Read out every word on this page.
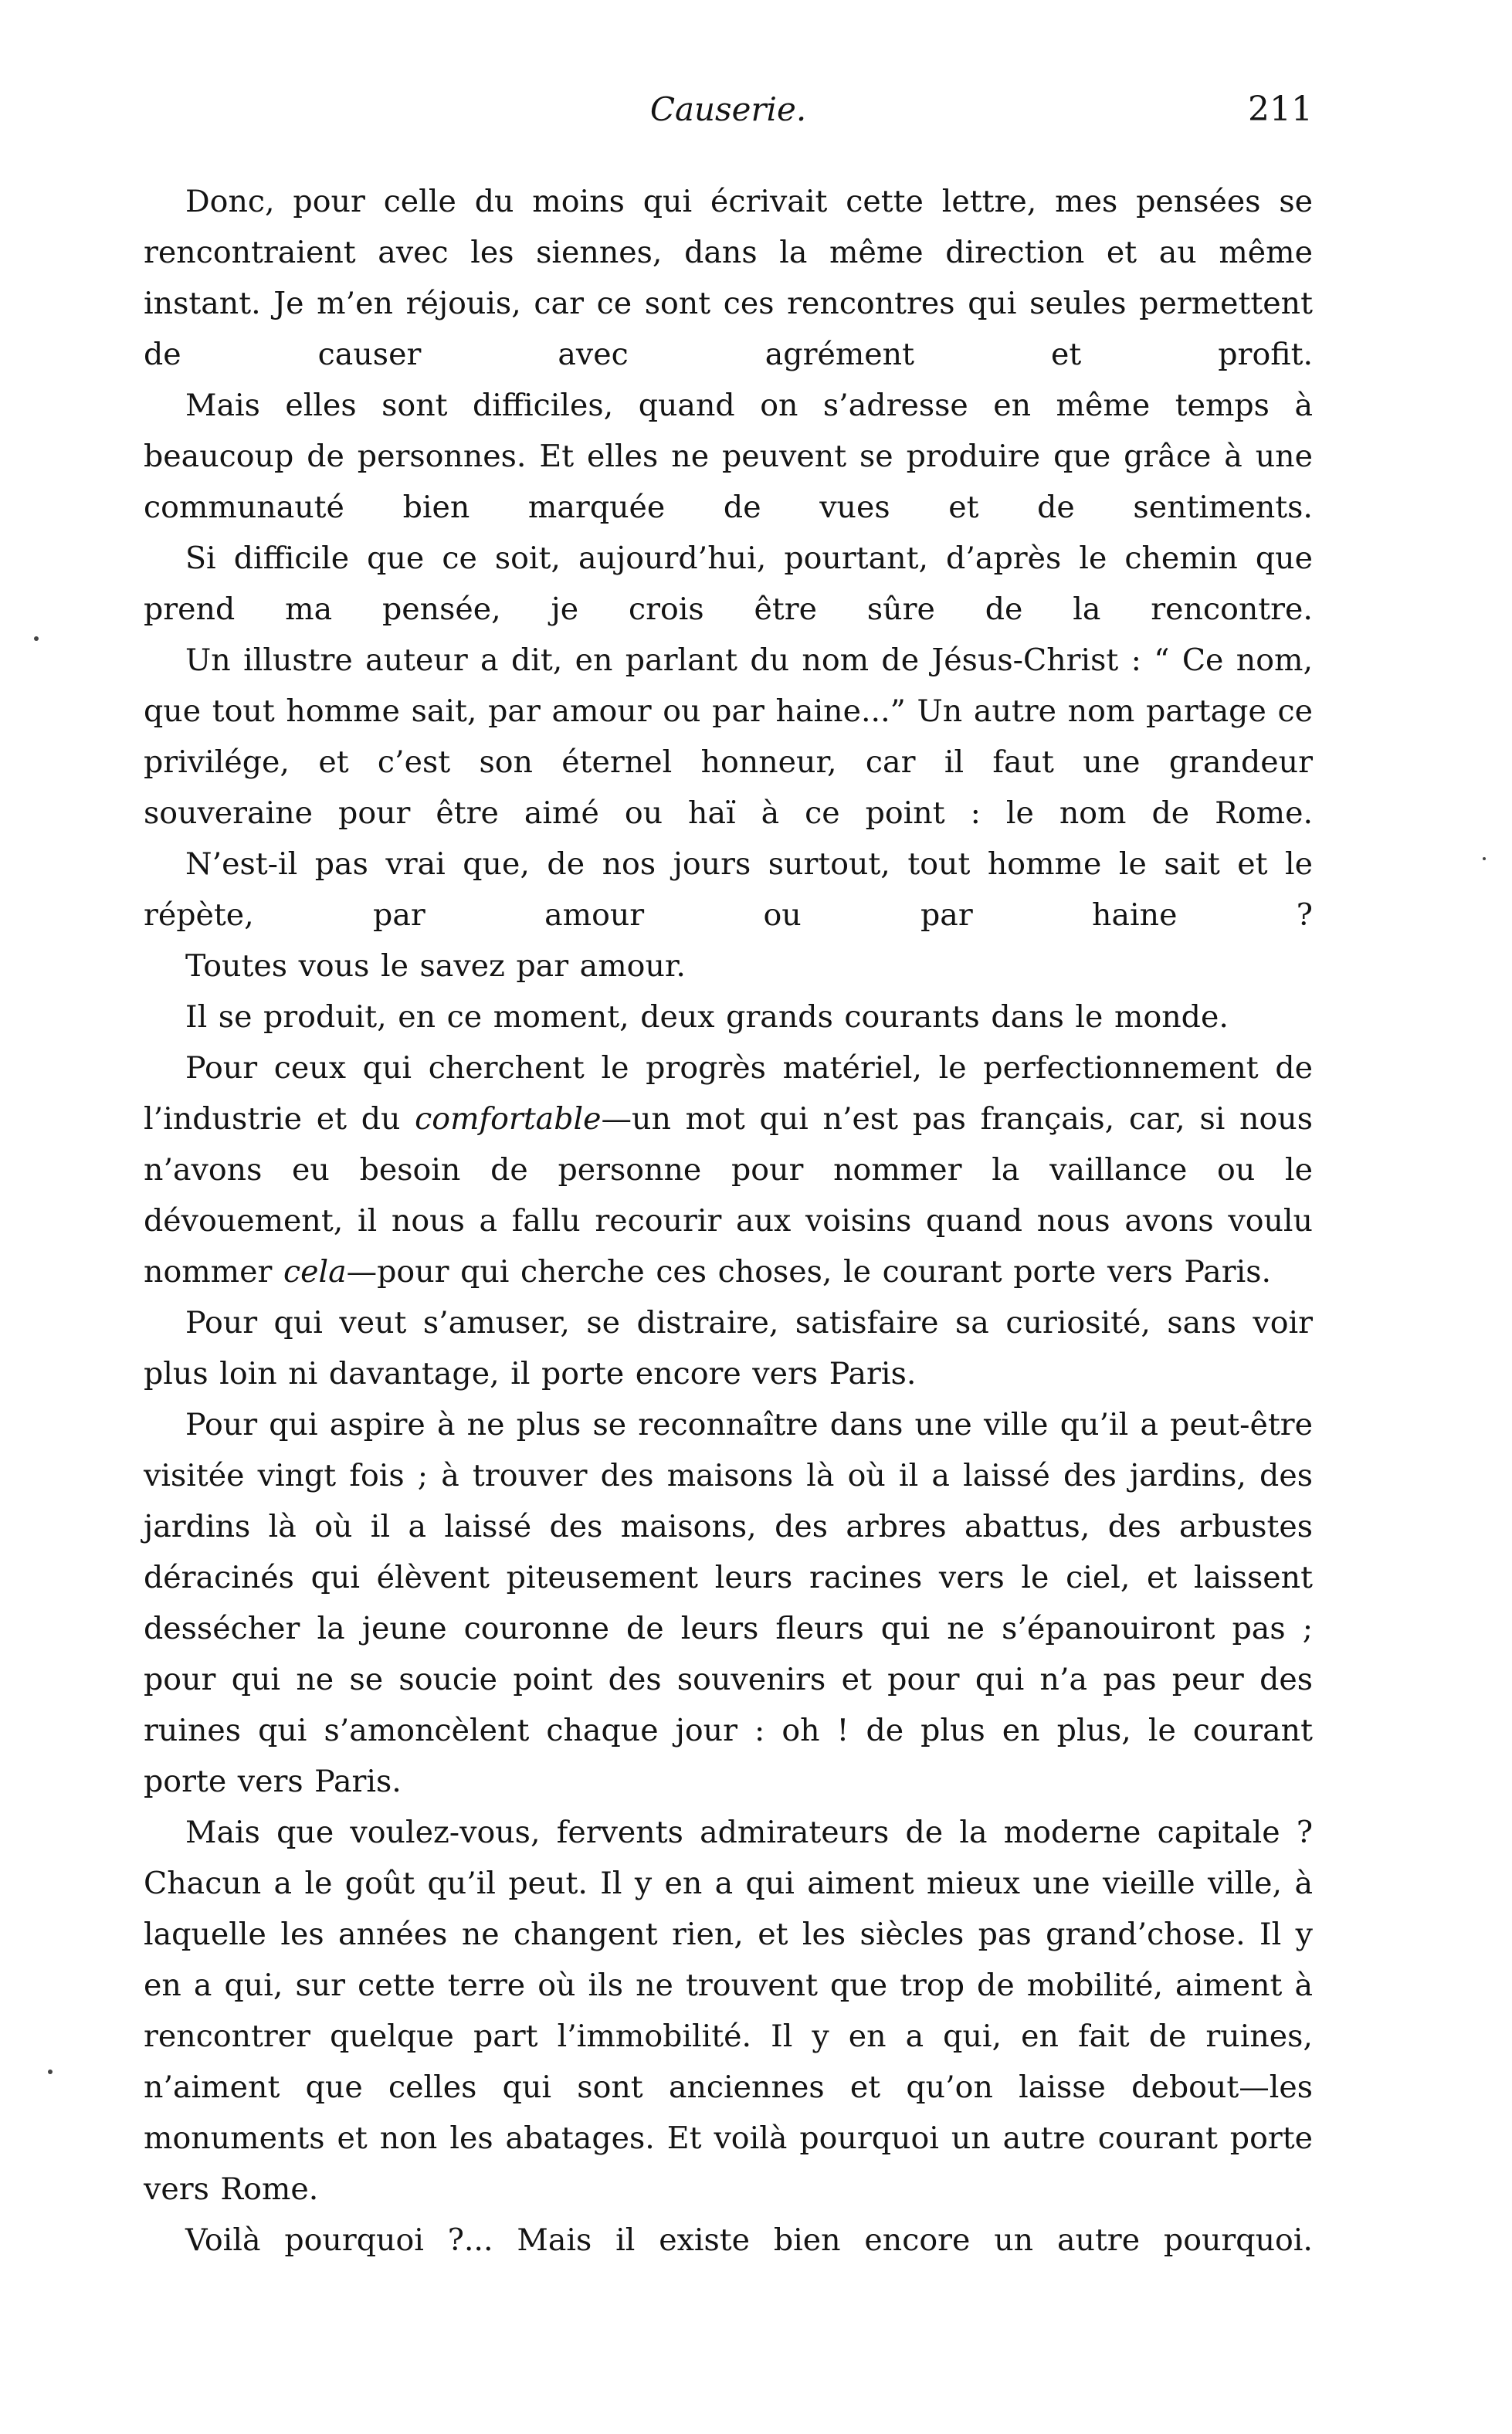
Causerie.	211

Donc, pour celle du moins qui écrivait cette lettre, mes pensées se rencontraient avec les siennes, dans la même direction et au même instant. Je m’en réjouis, car ce sont ces rencontres qui seules permettent de causer avec agrément et profit.

Mais elles sont difficiles, quand on s’adresse en même temps à beaucoup de personnes. Et elles ne peuvent se produire que grâce à une communauté bien marquée de vues et de sentiments.

Si difficile que ce soit, aujourd’hui, pourtant, d’après le chemin que prend ma pensée, je crois être sûre de la rencontre.

Un illustre auteur a dit, en parlant du nom de Jésus-Christ : “ Ce nom, que tout homme sait, par amour ou par haine...” Un autre nom partage ce privilége, et c’est son éternel honneur, car il faut une grandeur souveraine pour être aimé ou haï à ce point : le nom de Rome.

N’est-il pas vrai que, de nos jours surtout, tout homme le sait et le répète, par amour ou par haine ?

Toutes vous le savez par amour.

Il se produit, en ce moment, deux grands courants dans le monde.

Pour ceux qui cherchent le progrès matériel, le perfectionnement de l’industrie et du comfortable—un mot qui n’est pas français, car, si nous n’avons eu besoin de personne pour nommer la vaillance ou le dévouement, il nous a fallu recourir aux voisins quand nous avons voulu nommer cela—pour qui cherche ces choses, le courant porte vers Paris.

Pour qui veut s’amuser, se distraire, satisfaire sa curiosité, sans voir plus loin ni davantage, il porte encore vers Paris.

Pour qui aspire à ne plus se reconnaître dans une ville qu’il a peut-être visitée vingt fois ; à trouver des maisons là où il a laissé des jardins, des jardins là où il a laissé des maisons, des arbres abattus, des arbustes déracinés qui élèvent piteusement leurs racines vers le ciel, et laissent dessécher la jeune couronne de leurs fleurs qui ne s’épanouiront pas ; pour qui ne se soucie point des souvenirs et pour qui n’a pas peur des ruines qui s’amoncèlent chaque jour : oh ! de plus en plus, le courant porte vers Paris.

Mais que voulez-vous, fervents admirateurs de la moderne capitale ? Chacun a le goût qu’il peut. Il y en a qui aiment mieux une vieille ville, à laquelle les années ne changent rien, et les siècles pas grand’chose. Il y en a qui, sur cette terre où ils ne trouvent que trop de mobilité, aiment à rencontrer quelque part l’immobilité. Il y en a qui, en fait de ruines, n’aiment que celles qui sont anciennes et qu’on laisse debout—les monuments et non les abatages. Et voilà pourquoi un autre courant porte vers Rome.

Voilà pourquoi ?... Mais il existe bien encore un autre pourquoi.
